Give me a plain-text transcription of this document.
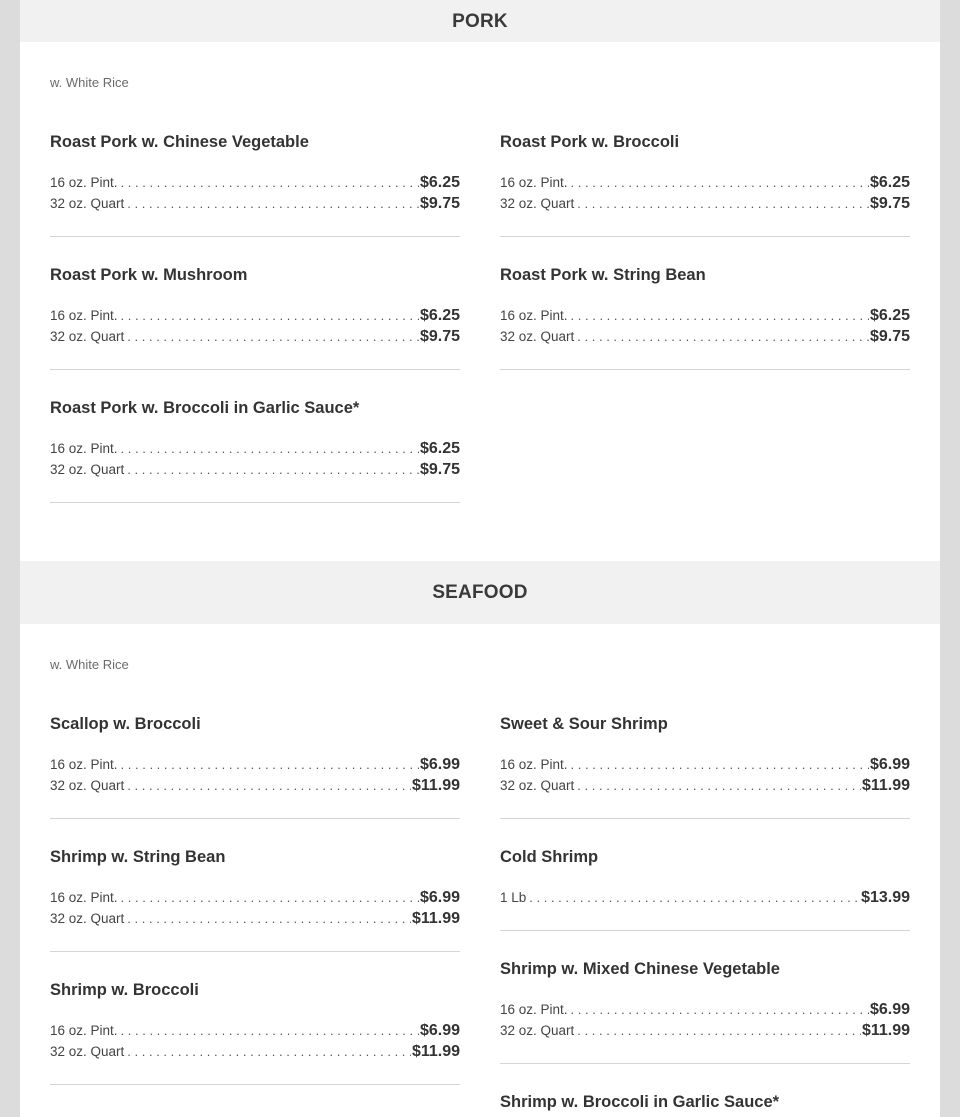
PORK
w. White Rice
Roast Pork w. Chinese Vegetable
16 oz. Pint. . . .	$6.25
32 oz. Quart . . .	$9.75
Roast Pork w. Broccoli
16 oz. Pint. . . .	$6.25
32 oz. Quart . . .	$9.75
Roast Pork w. Mushroom
16 oz. Pint. . . .	$6.25
32 oz. Quart . . .	$9.75
Roast Pork w. String Bean
16 oz. Pint. . . .	$6.25
32 oz. Quart . . .	$9.75
Roast Pork w. Broccoli in Garlic Sauce*
16 oz. Pint. . . .	$6.25
32 oz. Quart . . .	$9.75
SEAFOOD
w. White Rice
Scallop w. Broccoli
16 oz. Pint. . . .	$6.99
32 oz. Quart . . .	$11.99
Sweet & Sour Shrimp
16 oz. Pint. . . .	$6.99
32 oz. Quart . . .	$11.99
Shrimp w. String Bean
16 oz. Pint. . . .	$6.99
32 oz. Quart . . .	$11.99
Cold Shrimp
1 Lb . . .	$13.99
Shrimp w. Broccoli
16 oz. Pint. . . .	$6.99
32 oz. Quart . . .	$11.99
Shrimp w. Mixed Chinese Vegetable
16 oz. Pint. . . .	$6.99
32 oz. Quart . . .	$11.99
Shrimp w. Broccoli in Garlic Sauce*
